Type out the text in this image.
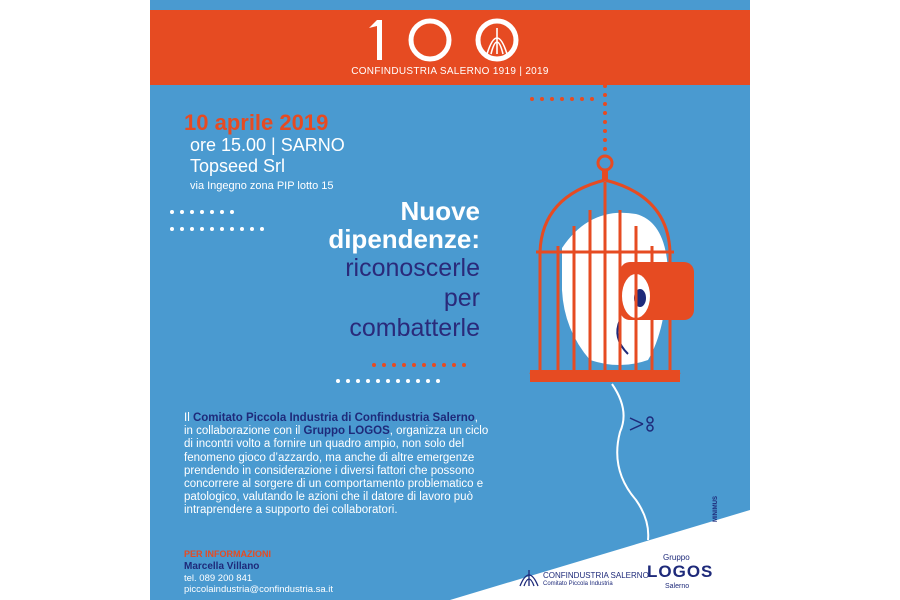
CONFINDUSTRIA SALERNO 1919 | 2019
10 aprile 2019
ore 15.00 | SARNO
Topseed Srl
via Ingegno zona PIP lotto 15
Nuove
dipendenze:
riconoscerle
per
combatterle
Il Comitato Piccola Industria di Confindustria Salerno,
in collaborazione con il Gruppo LOGOS, organizza un ciclo di incontri volto a fornire un quadro ampio, non solo del fenomeno gioco d’azzardo, ma anche di altre emergenze prendendo in considerazione i diversi fattori che possono concorrere al sorgere di un comportamento problematico e patologico, valutando le azioni che il datore di lavoro può intraprendere a supporto dei collaboratori.
PER INFORMAZIONI
Marcella Villano
tel. 089 200 841
piccolaindustria@confindustria.sa.it
CONFINDUSTRIA SALERNO
Comitato Piccola Industria
Gruppo
LOGOS
Salerno
MINIMUS
